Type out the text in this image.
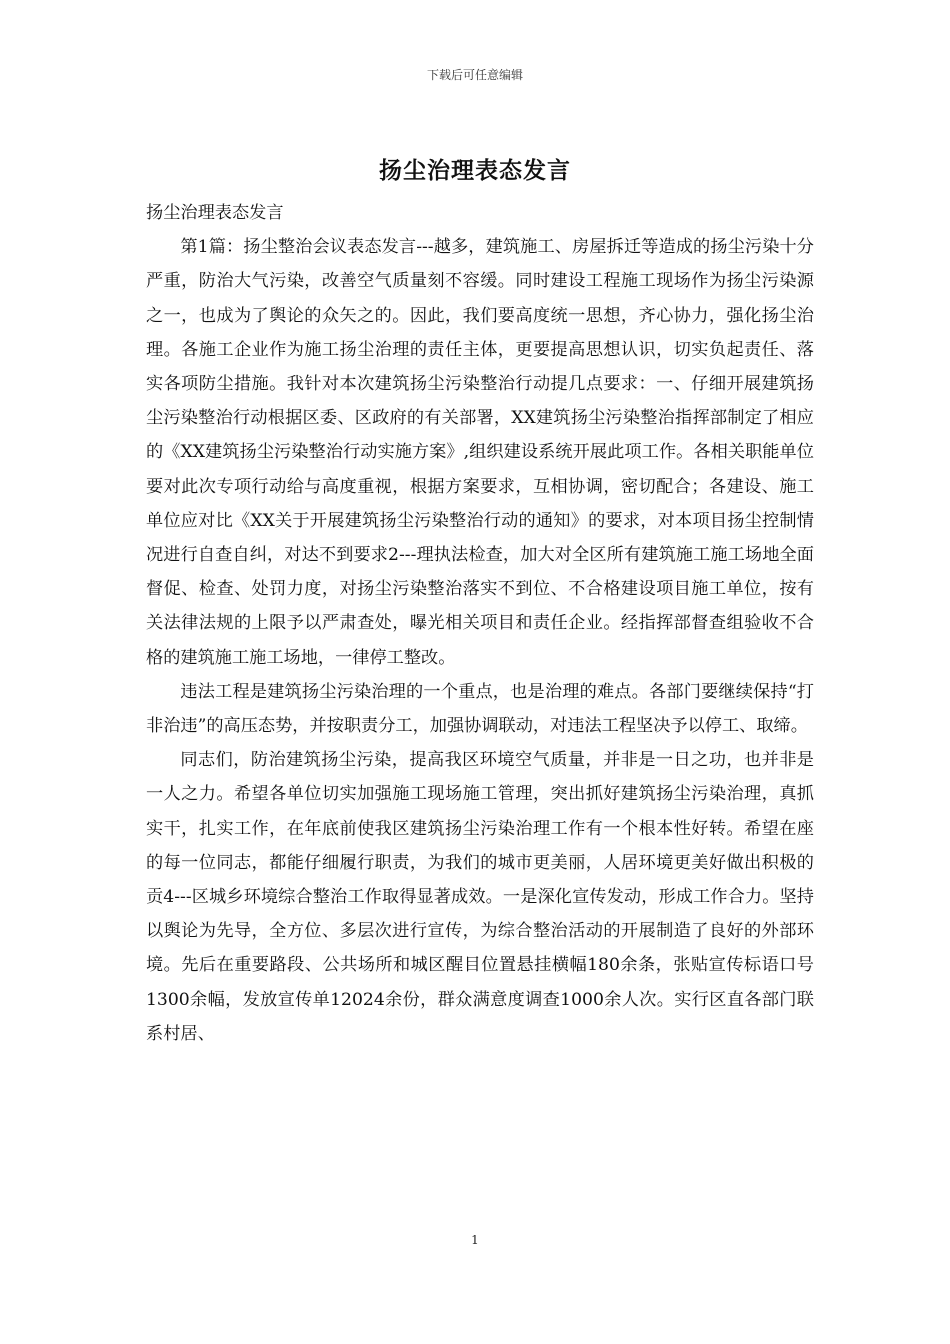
下载后可任意编辑
扬尘治理表态发言

扬尘治理表态发言

第1篇：扬尘整治会议表态发言---越多，建筑施工、房屋拆迁等造成的扬尘污染十分严重，防治大气污染，改善空气质量刻不容缓。同时建设工程施工现场作为扬尘污染源之一，也成为了舆论的众矢之的。因此，我们要高度统一思想，齐心协力，强化扬尘治理。各施工企业作为施工扬尘治理的责任主体，更要提高思想认识，切实负起责任、落实各项防尘措施。我针对本次建筑扬尘污染整治行动提几点要求：一、仔细开展建筑扬尘污染整治行动根据区委、区政府的有关部署，XX建筑扬尘污染整治指挥部制定了相应的《XX建筑扬尘污染整治行动实施方案》,组织建设系统开展此项工作。各相关职能单位要对此次专项行动给与高度重视，根据方案要求，互相协调，密切配合；各建设、施工单位应对比《XX关于开展建筑扬尘污染整治行动的通知》的要求，对本项目扬尘控制情况进行自查自纠，对达不到要求2---理执法检查，加大对全区所有建筑施工施工场地全面督促、检查、处罚力度，对扬尘污染整治落实不到位、不合格建设项目施工单位，按有关法律法规的上限予以严肃查处，曝光相关项目和责任企业。经指挥部督查组验收不合格的建筑施工施工场地，一律停工整改。

违法工程是建筑扬尘污染治理的一个重点，也是治理的难点。各部门要继续保持“打非治违”的高压态势，并按职责分工，加强协调联动，对违法工程坚决予以停工、取缔。

同志们，防治建筑扬尘污染，提高我区环境空气质量，并非是一日之功，也并非是一人之力。希望各单位切实加强施工现场施工管理，突出抓好建筑扬尘污染治理，真抓实干，扎实工作，在年底前使我区建筑扬尘污染治理工作有一个根本性好转。希望在座的每一位同志，都能仔细履行职责，为我们的城市更美丽，人居环境更美好做出积极的贡4---区城乡环境综合整治工作取得显著成效。一是深化宣传发动，形成工作合力。坚持以舆论为先导，全方位、多层次进行宣传，为综合整治活动的开展制造了良好的外部环境。先后在重要路段、公共场所和城区醒目位置悬挂横幅180余条，张贴宣传标语口号1300余幅，发放宣传单12024余份，群众满意度调查1000余人次。实行区直各部门联系村居、

1
